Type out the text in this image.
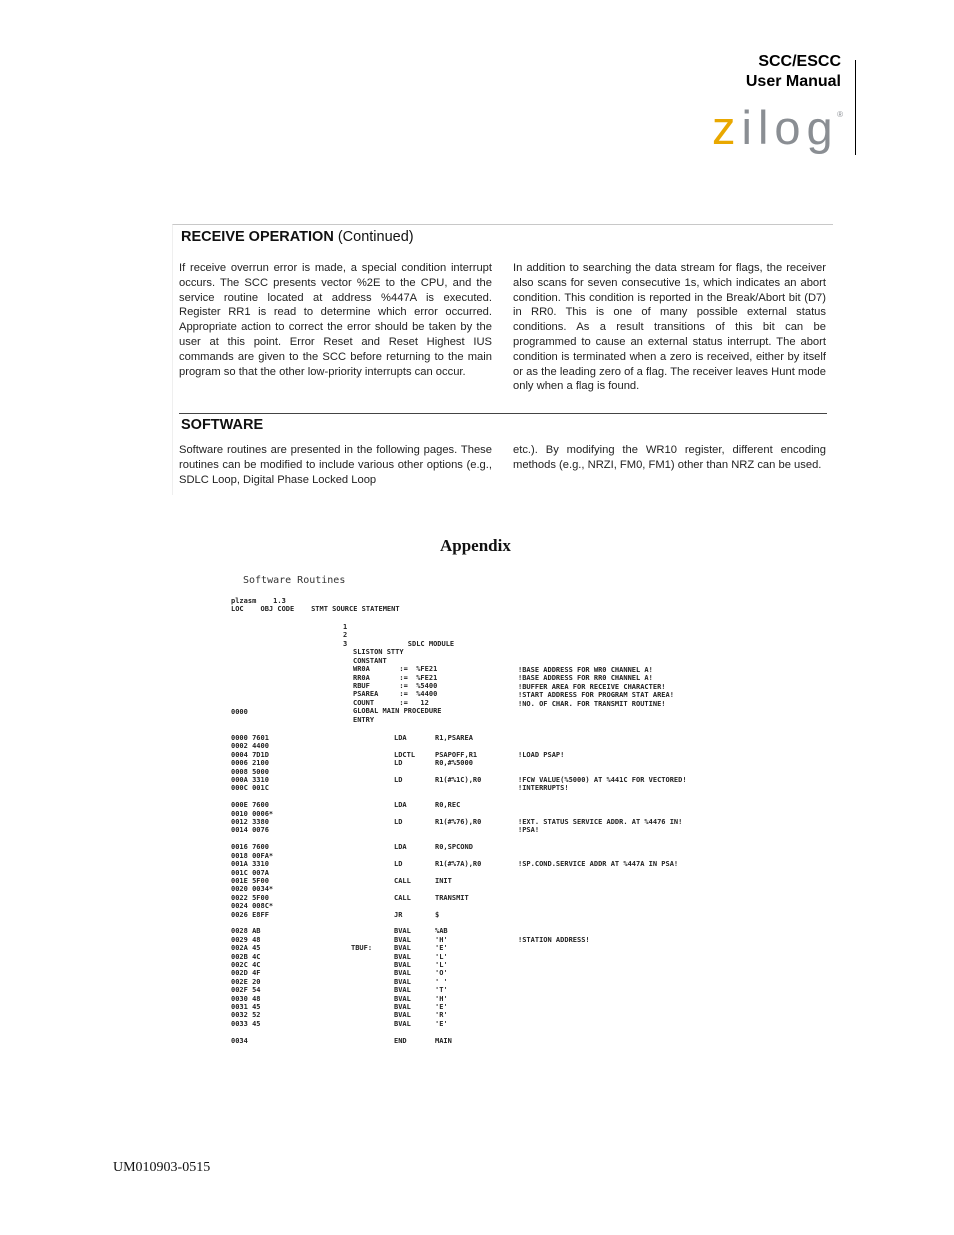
SCC/ESCC
User Manual
zilog
®
RECEIVE OPERATION (Continued)
If receive overrun error is made, a special condition interrupt occurs. The SCC presents vector %2E to the CPU, and the service routine located at address %447A is executed. Register RR1 is read to determine which error occurred. Appropriate action to correct the error should be taken by the user at this point. Error Reset and Reset Highest IUS commands are given to the SCC before returning to the main program so that the other low-priority interrupts can occur.
In addition to searching the data stream for flags, the receiver also scans for seven consecutive 1s, which indicates an abort condition. This condition is reported in the Break/Abort bit (D7) in RR0. This is one of many possible external status conditions. As a result transitions of this bit can be programmed to cause an external status interrupt. The abort condition is terminated when a zero is received, either by itself or as the leading zero of a flag. The receiver leaves Hunt mode only when a flag is found.
SOFTWARE
Software routines are presented in the following pages. These routines can be modified to include various other options (e.g., SDLC Loop, Digital Phase Locked Loop
etc.). By modifying the WR10 register, different encoding methods (e.g., NRZI, FM0, FM1) other than NRZ can be used.
Appendix
Software Routines
plzasm    1.3
LOC    OBJ CODE    STMT SOURCE STATEMENT
1
2
3	SDLC MODULE
SLISTON STTY
CONSTANT
WR0A       :=  %FE21
RR0A       :=  %FE21
RBUF       :=  %5400
PSAREA     :=  %4400
COUNT      :=   12
GLOBAL MAIN PROCEDURE
ENTRY
!BASE ADDRESS FOR WR0 CHANNEL A!
!BASE ADDRESS FOR RR0 CHANNEL A!
!BUFFER AREA FOR RECEIVE CHARACTER!
!START ADDRESS FOR PROGRAM STAT AREA!
!NO. OF CHAR. FOR TRANSMIT ROUTINE!
0000
0000 7601
0002 4400
0004 7D1D
0006 2100
0008 5000
000A 3310
000C 001C

000E 7600
0010 0006*
0012 3380
0014 0076

0016 7600
0018 00FA*
001A 3310
001C 007A
001E 5F00
0020 0034*
0022 5F00
0024 008C*
0026 E8FF

0028 AB
0029 48
002A 45
002B 4C
002C 4C
002D 4F
002E 20
002F 54
0030 48
0031 45
0032 52
0033 45

0034

TBUF:
LDA

LDCTL
LD

LD

LDA

LD

LDA

LD

CALL

CALL

JR

BVAL
BVAL
BVAL
BVAL
BVAL
BVAL
BVAL
BVAL
BVAL
BVAL
BVAL
BVAL

END
R1,PSAREA

PSAPOFF,R1
R0,#%5000

R1(#%1C),R0

R0,REC

R1(#%76),R0

R0,SPCOND

R1(#%7A),R0

INIT

TRANSMIT

$

%AB
'H'
'E'
'L'
'L'
'O'
' '
'T'
'H'
'E'
'R'
'E'

MAIN

!LOAD PSAP!

!FCW VALUE(%5000) AT %441C FOR VECTORED!
!INTERRUPTS!

!EXT. STATUS SERVICE ADDR. AT %4476 IN!
!PSA!

!SP.COND.SERVICE ADDR AT %447A IN PSA!

!STATION ADDRESS!
UM010903-0515
